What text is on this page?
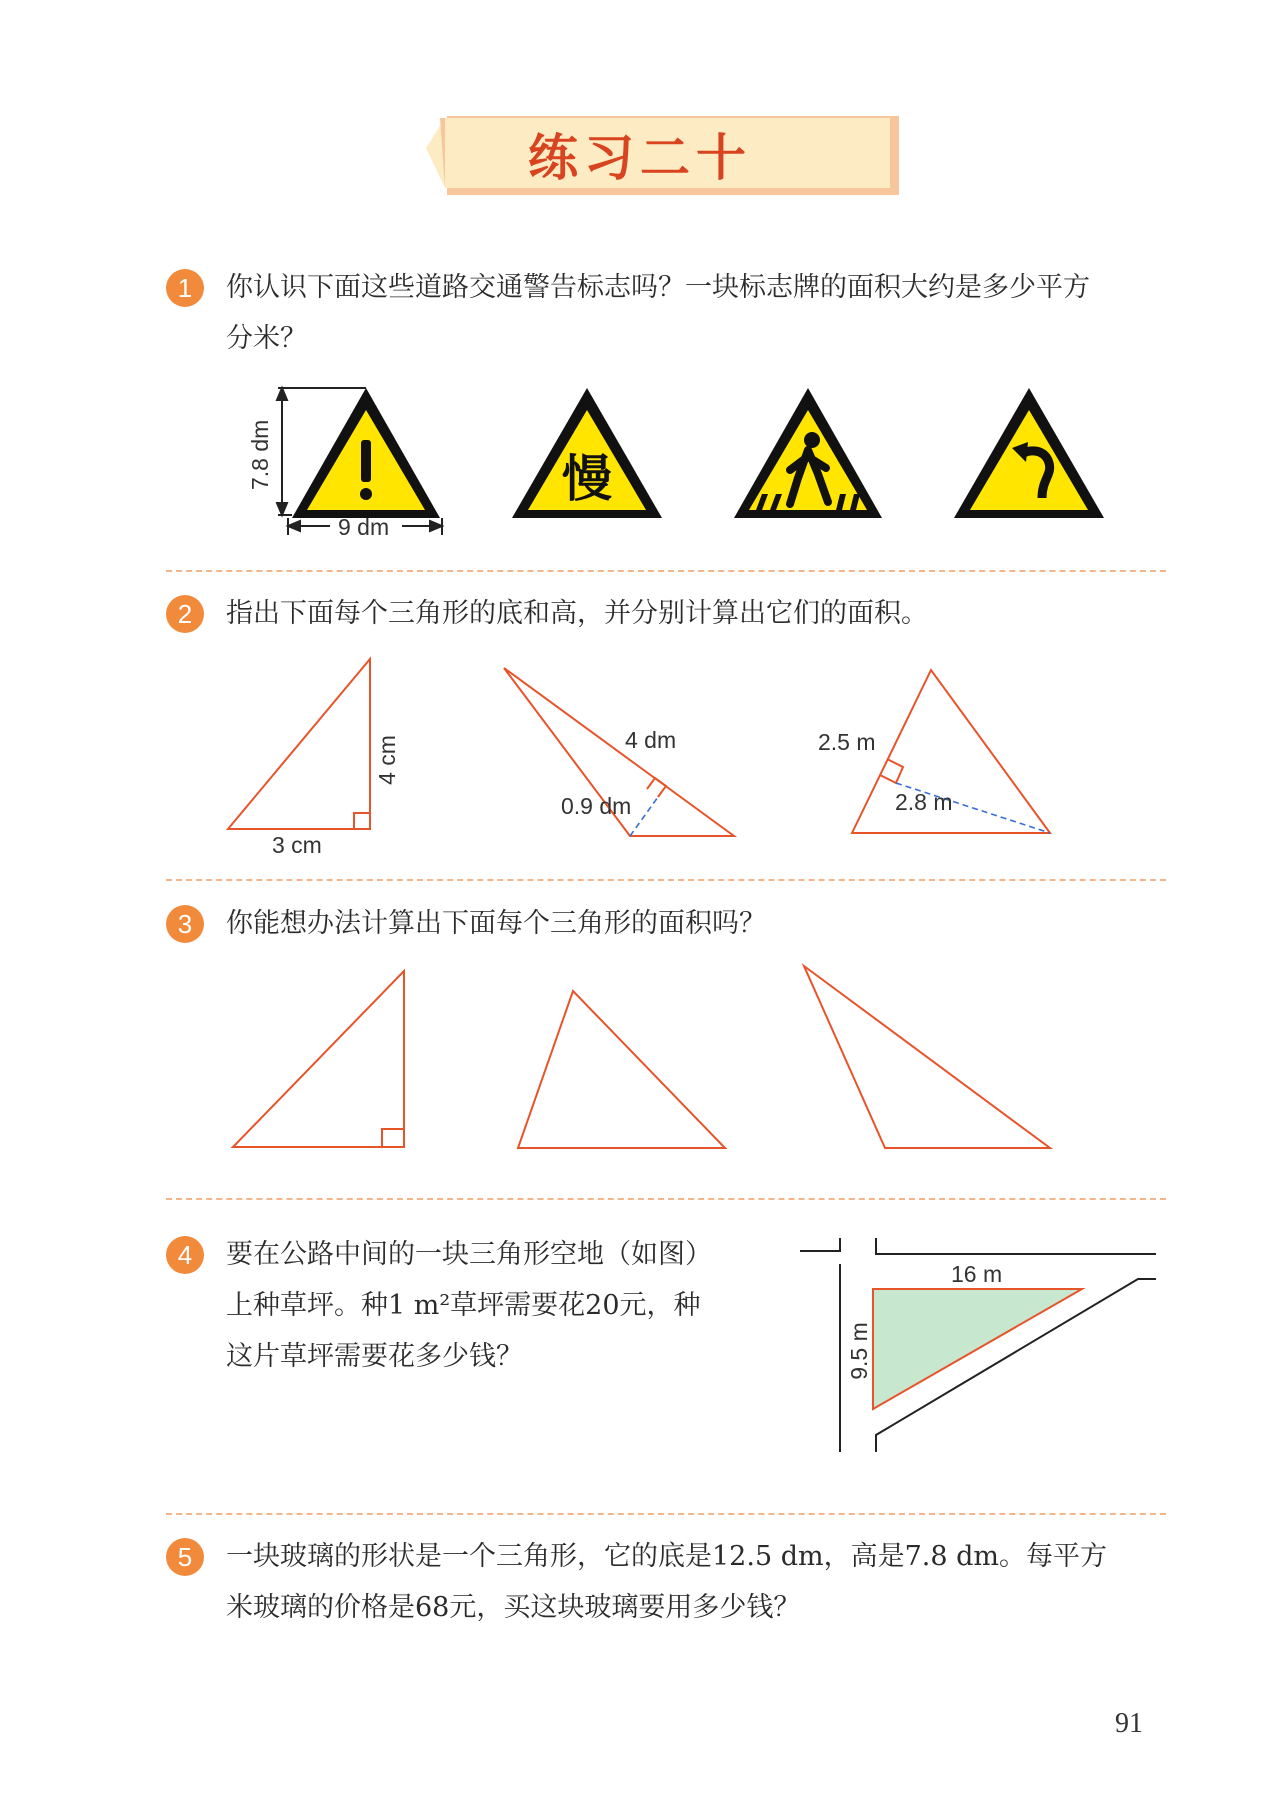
练习二十
1	你认识下面这些道路交通警告标志吗？一块标志牌的面积大约是多少平方
分米？
慢
7.8 dm
9 dm
2	指出下面每个三角形的底和高，并分别计算出它们的面积。
3 cm
4 cm	4 dm
0.9 dm
2.5 m
2.8 m
3	你能想办法计算出下面每个三角形的面积吗？
4	要在公路中间的一块三角形空地（如图）
上种草坪。种1 m²草坪需要花20元，种
这片草坪需要花多少钱？
16 m
9.5 m
5	一块玻璃的形状是一个三角形，它的底是12.5 dm，高是7.8 dm。每平方
米玻璃的价格是68元，买这块玻璃要用多少钱？
91
